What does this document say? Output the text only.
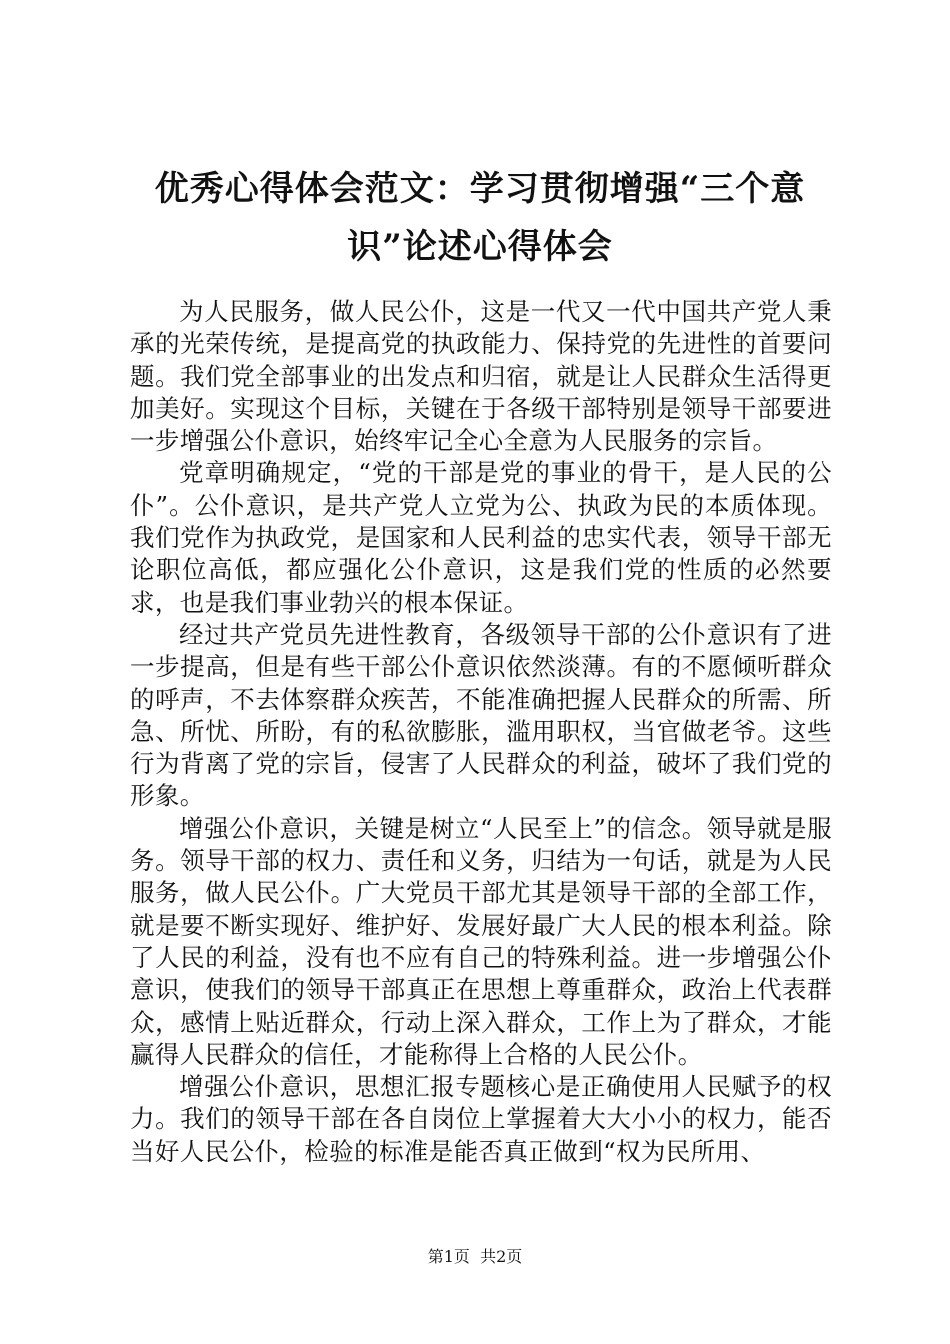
优秀心得体会范文：学习贯彻增强“三个意识”论述心得体会

为人民服务，做人民公仆，这是一代又一代中国共产党人秉承的光荣传统，是提高党的执政能力、保持党的先进性的首要问题。我们党全部事业的出发点和归宿，就是让人民群众生活得更加美好。实现这个目标，关键在于各级干部特别是领导干部要进一步增强公仆意识，始终牢记全心全意为人民服务的宗旨。

党章明确规定，“党的干部是党的事业的骨干，是人民的公仆”。公仆意识，是共产党人立党为公、执政为民的本质体现。我们党作为执政党，是国家和人民利益的忠实代表，领导干部无论职位高低，都应强化公仆意识，这是我们党的性质的必然要求，也是我们事业勃兴的根本保证。

经过共产党员先进性教育，各级领导干部的公仆意识有了进一步提高，但是有些干部公仆意识依然淡薄。有的不愿倾听群众的呼声，不去体察群众疾苦，不能准确把握人民群众的所需、所急、所忧、所盼，有的私欲膨胀，滥用职权，当官做老爷。这些行为背离了党的宗旨，侵害了人民群众的利益，破坏了我们党的形象。

增强公仆意识，关键是树立“人民至上”的信念。领导就是服务。领导干部的权力、责任和义务，归结为一句话，就是为人民服务，做人民公仆。广大党员干部尤其是领导干部的全部工作，就是要不断实现好、维护好、发展好最广大人民的根本利益。除了人民的利益，没有也不应有自己的特殊利益。进一步增强公仆意识，使我们的领导干部真正在思想上尊重群众，政治上代表群众，感情上贴近群众，行动上深入群众，工作上为了群众，才能赢得人民群众的信任，才能称得上合格的人民公仆。

增强公仆意识，思想汇报专题核心是正确使用人民赋予的权力。我们的领导干部在各自岗位上掌握着大大小小的权力，能否当好人民公仆，检验的标准是能否真正做到“权为民所用、

第1页 共2页
